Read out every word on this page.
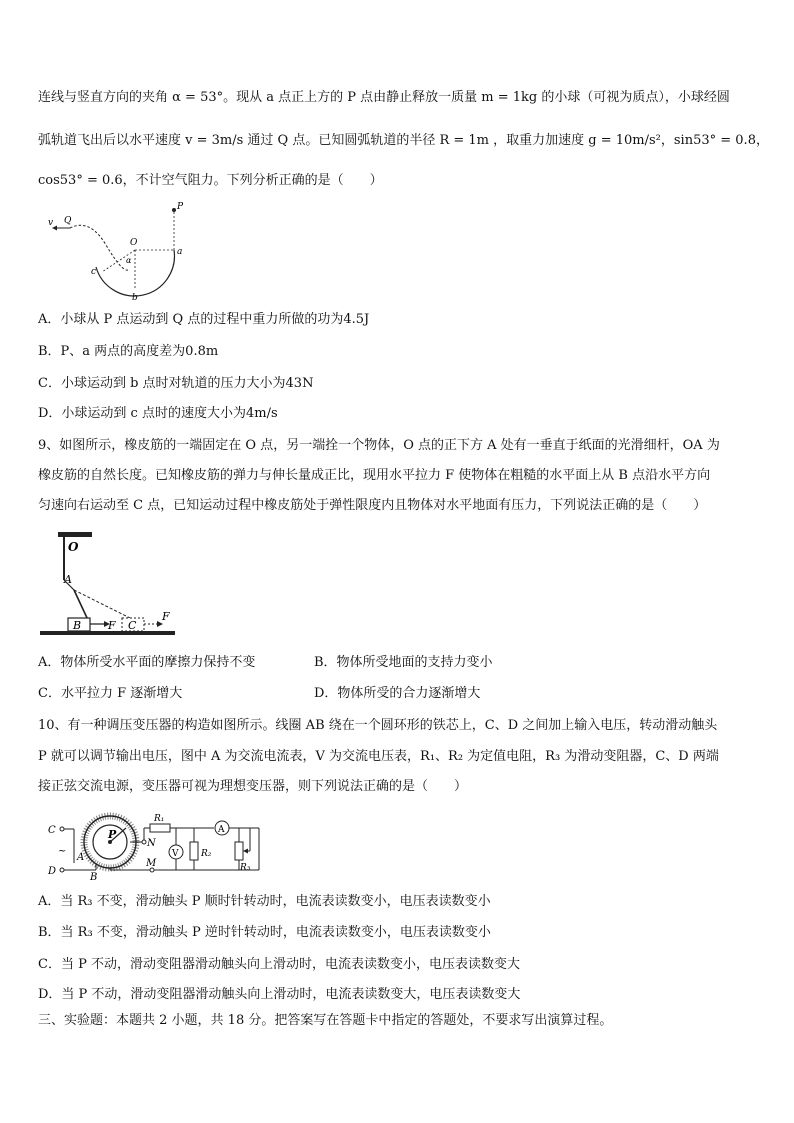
连线与竖直方向的夹角 α = 53°。现从 a 点正上方的 P 点由静止释放一质量 m = 1kg 的小球（可视为质点），小球经圆
弧轨道飞出后以水平速度 v = 3m/s 通过 Q 点。已知圆弧轨道的半径 R = 1m ，取重力加速度 g = 10m/s²，sin53° = 0.8，
cos53° = 0.6，不计空气阻力。下列分析正确的是（　　）
v Q
P
O
a
α
c
b
A．小球从 P 点运动到 Q 点的过程中重力所做的功为4.5J
B．P、a 两点的高度差为0.8m
C．小球运动到 b 点时对轨道的压力大小为43N
D．小球运动到 c 点时的速度大小为4m/s
9、如图所示，橡皮筋的一端固定在 O 点，另一端拴一个物体，O 点的正下方 A 处有一垂直于纸面的光滑细杆，OA 为
橡皮筋的自然长度。已知橡皮筋的弹力与伸长量成正比，现用水平拉力 F 使物体在粗糙的水平面上从 B 点沿水平方向
匀速向右运动至 C 点，已知运动过程中橡皮筋处于弹性限度内且物体对水平地面有压力，下列说法正确的是（　　）
O
A
B F C
F
A．物体所受水平面的摩擦力保持不变	B．物体所受地面的支持力变小
C．水平拉力 F 逐渐增大	D．物体所受的合力逐渐增大
10、有一种调压变压器的构造如图所示。线圈 AB 绕在一个圆环形的铁芯上，C、D 之间加上输入电压，转动滑动触头
P 就可以调节输出电压，图中 A 为交流电流表，V 为交流电压表，R₁、R₂ 为定值电阻，R₃ 为滑动变阻器，C、D 两端
接正弦交流电源，变压器可视为理想变压器，则下列说法正确的是（　　）
C
D
~
A
B
P
N
M
R₁
A
V	R₂
R₃
A．当 R₃ 不变，滑动触头 P 顺时针转动时，电流表读数变小，电压表读数变小
B．当 R₃ 不变，滑动触头 P 逆时针转动时，电流表读数变小，电压表读数变小
C．当 P 不动，滑动变阻器滑动触头向上滑动时，电流表读数变小，电压表读数变大
D．当 P 不动，滑动变阻器滑动触头向上滑动时，电流表读数变大，电压表读数变大
三、实验题：本题共 2 小题，共 18 分。把答案写在答题卡中指定的答题处，不要求写出演算过程。
